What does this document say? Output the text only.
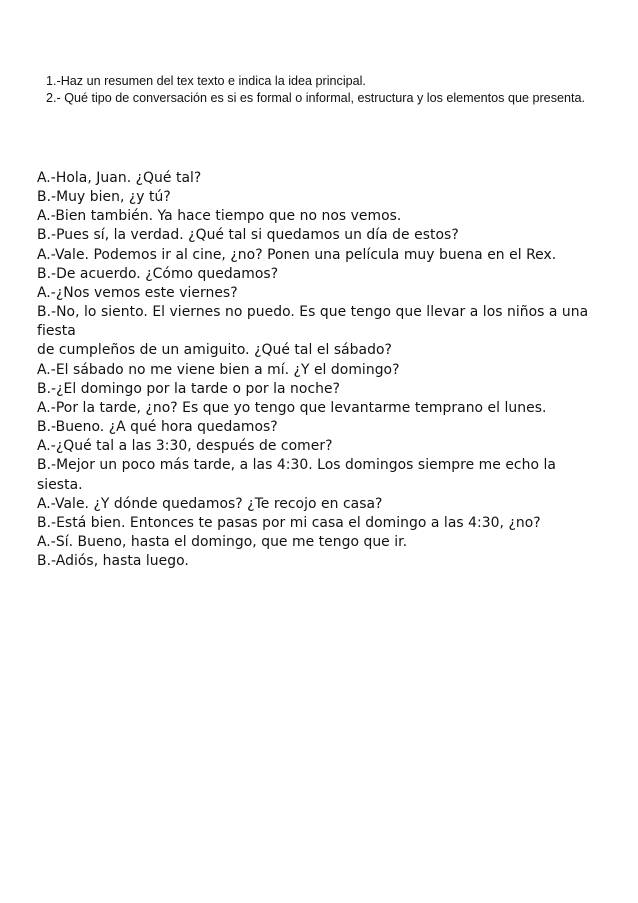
1.-Haz un resumen del tex texto e indica la idea principal.
2.- Qué tipo de conversación es si es formal o informal, estructura y los elementos que presenta.
A.-Hola, Juan. ¿Qué tal?
B.-Muy bien, ¿y tú?
A.-Bien también. Ya hace tiempo que no nos vemos.
B.-Pues sí, la verdad. ¿Qué tal si quedamos un día de estos?
A.-Vale. Podemos ir al cine, ¿no? Ponen una película muy buena en el Rex.
B.-De acuerdo. ¿Cómo quedamos?
A.-¿Nos vemos este viernes?
B.-No, lo siento. El viernes no puedo. Es que tengo que llevar a los niños a una fiesta
de cumpleños de un amiguito. ¿Qué tal el sábado?
A.-El sábado no me viene bien a mí. ¿Y el domingo?
B.-¿El domingo por la tarde o por la noche?
A.-Por la tarde, ¿no? Es que yo tengo que levantarme temprano el lunes.
B.-Bueno. ¿A qué hora quedamos?
A.-¿Qué tal a las 3:30, después de comer?
B.-Mejor un poco más tarde, a las 4:30. Los domingos siempre me echo la siesta.
A.-Vale. ¿Y dónde quedamos? ¿Te recojo en casa?
B.-Está bien. Entonces te pasas por mi casa el domingo a las 4:30, ¿no?
A.-Sí. Bueno, hasta el domingo, que me tengo que ir.
B.-Adiós, hasta luego.
